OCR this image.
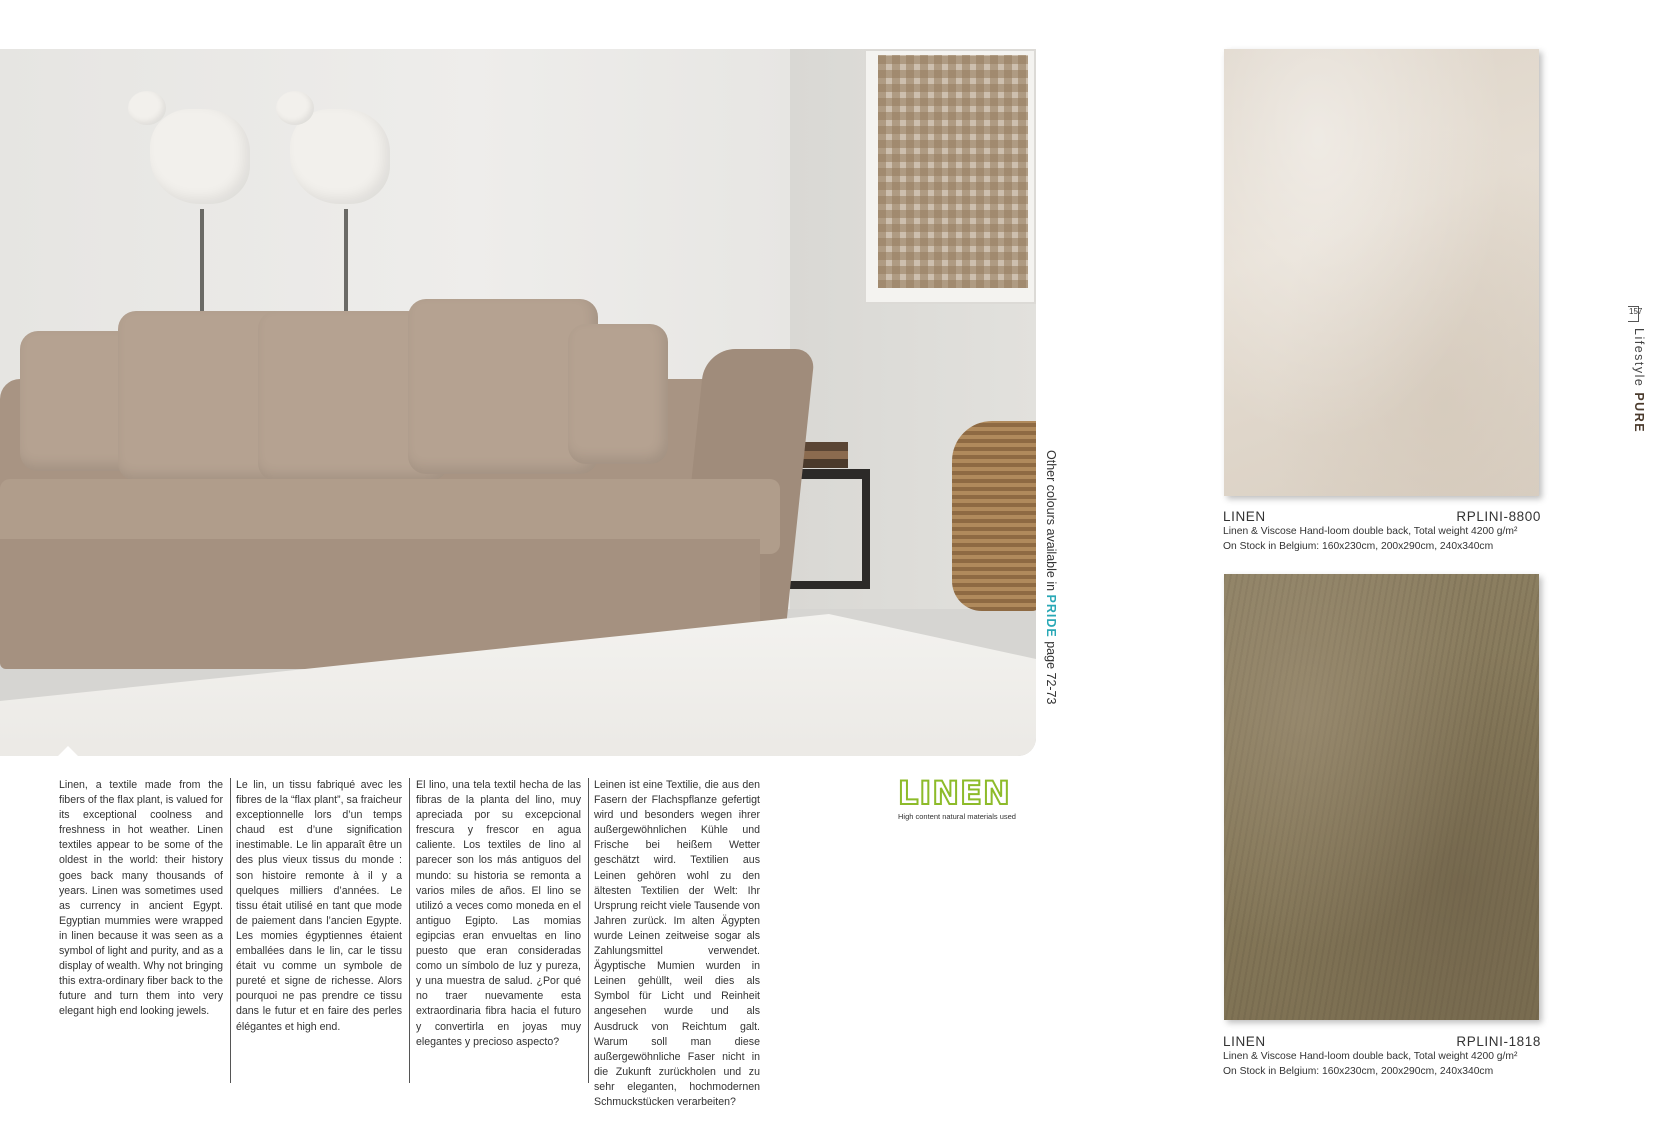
Other colours available in PRIDE page 72-73
Linen, a textile made from the fibers of the flax plant, is valued for its exceptional coolness and freshness in hot weather. Linen textiles appear to be some of the oldest in the world: their history goes back many thousands of years. Linen was sometimes used as currency in ancient Egypt. Egyptian mummies were wrapped in linen because it was seen as a symbol of light and purity, and as a display of wealth. Why not bringing this extra-ordinary fiber back to the future and turn them into very elegant high end looking jewels.
Le lin, un tissu fabriqué avec les fibres de la “flax plant”, sa fraicheur exceptionnelle lors d’un temps chaud est d’une signification inestimable. Le lin apparaît être un des plus vieux tissus du monde : son histoire remonte à il y a quelques milliers d’années. Le tissu était utilisé en tant que mode de paiement dans l’ancien Egypte. Les momies égyptiennes étaient emballées dans le lin, car le tissu était vu comme un symbole de pureté et signe de richesse. Alors pourquoi ne pas prendre ce tissu dans le futur et en faire des perles élégantes et high end.
El lino, una tela textil hecha de las fibras de la planta del lino, muy apreciada por su excepcional frescura y frescor en agua caliente. Los textiles de lino al parecer son los más antiguos del mundo: su historia se remonta a varios miles de años. El lino se utilizó a veces como moneda en el antiguo Egipto. Las momias egipcias eran envueltas en lino puesto que eran consideradas como un símbolo de luz y pureza, y una muestra de salud. ¿Por qué no traer nuevamente esta extraordinaria fibra hacia el futuro y convertirla en joyas muy elegantes y precioso aspecto?
Leinen ist eine Textilie, die aus den Fasern der Flachspflanze gefertigt wird und besonders wegen ihrer außergewöhnlichen Kühle und Frische bei heißem Wetter geschätzt wird. Textilien aus Leinen gehören wohl zu den ältesten Textilien der Welt: Ihr Ursprung reicht viele Tausende von Jahren zurück. Im alten Ägypten wurde Leinen zeitweise sogar als Zahlungsmittel verwendet. Ägyptische Mumien wurden in Leinen gehüllt, weil dies als Symbol für Licht und Reinheit angesehen wurde und als Ausdruck von Reichtum galt. Warum soll man diese außergewöhnliche Faser nicht in die Zukunft zurückholen und zu sehr eleganten, hochmodernen Schmuckstücken verarbeiten?
LINEN
High content natural materials used
LINEN	RPLINI-8800
Linen & Viscose Hand-loom double back, Total weight 4200 g/m²
On Stock in Belgium: 160x230cm, 200x290cm, 240x340cm
LINEN	RPLINI-1818
Linen & Viscose Hand-loom double back, Total weight 4200 g/m²
On Stock in Belgium: 160x230cm, 200x290cm, 240x340cm
157
Lifestyle PURE
